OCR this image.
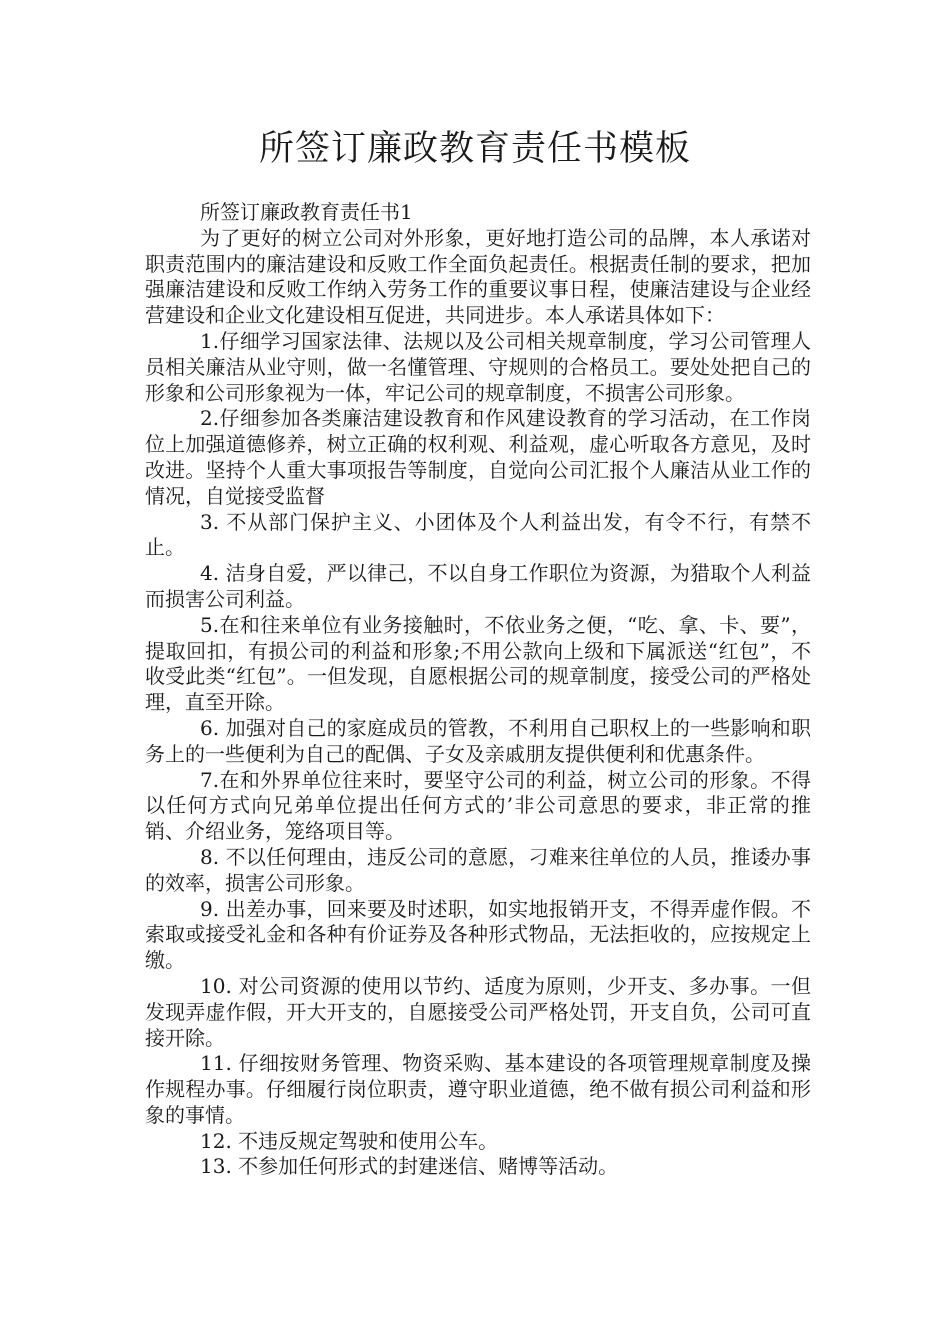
所签订廉政教育责任书模板

所签订廉政教育责任书1

为了更好的树立公司对外形象，更好地打造公司的品牌，本人承诺对职责范围内的廉洁建设和反败工作全面负起责任。根据责任制的要求，把加强廉洁建设和反败工作纳入劳务工作的重要议事日程，使廉洁建设与企业经营建设和企业文化建设相互促进，共同进步。本人承诺具体如下：

1.仔细学习国家法律、法规以及公司相关规章制度，学习公司管理人员相关廉洁从业守则，做一名懂管理、守规则的合格员工。要处处把自己的形象和公司形象视为一体，牢记公司的规章制度，不损害公司形象。

2.仔细参加各类廉洁建设教育和作风建设教育的学习活动，在工作岗位上加强道德修养，树立正确的权利观、利益观，虚心听取各方意见，及时改进。坚持个人重大事项报告等制度，自觉向公司汇报个人廉洁从业工作的情况，自觉接受监督

3. 不从部门保护主义、小团体及个人利益出发，有令不行，有禁不止。

4. 洁身自爱，严以律己，不以自身工作职位为资源，为猎取个人利益而损害公司利益。

5.在和往来单位有业务接触时，不依业务之便，“吃、拿、卡、要”，提取回扣，有损公司的利益和形象;不用公款向上级和下属派送“红包”，不收受此类“红包”。一但发现，自愿根据公司的规章制度，接受公司的严格处理，直至开除。

6. 加强对自己的家庭成员的管教，不利用自己职权上的一些影响和职务上的一些便利为自己的配偶、子女及亲戚朋友提供便利和优惠条件。

7.在和外界单位往来时，要坚守公司的利益，树立公司的形象。不得以任何方式向兄弟单位提出任何方式的’非公司意思的要求，非正常的推销、介绍业务，笼络项目等。

8. 不以任何理由，违反公司的意愿，刁难来往单位的人员，推诿办事的效率，损害公司形象。

9. 出差办事，回来要及时述职，如实地报销开支，不得弄虚作假。不索取或接受礼金和各种有价证券及各种形式物品，无法拒收的，应按规定上缴。

10. 对公司资源的使用以节约、适度为原则，少开支、多办事。一但发现弄虚作假，开大开支的，自愿接受公司严格处罚，开支自负，公司可直接开除。

11. 仔细按财务管理、物资采购、基本建设的各项管理规章制度及操作规程办事。仔细履行岗位职责，遵守职业道德，绝不做有损公司利益和形象的事情。

12. 不违反规定驾驶和使用公车。

13. 不参加任何形式的封建迷信、赌博等活动。
